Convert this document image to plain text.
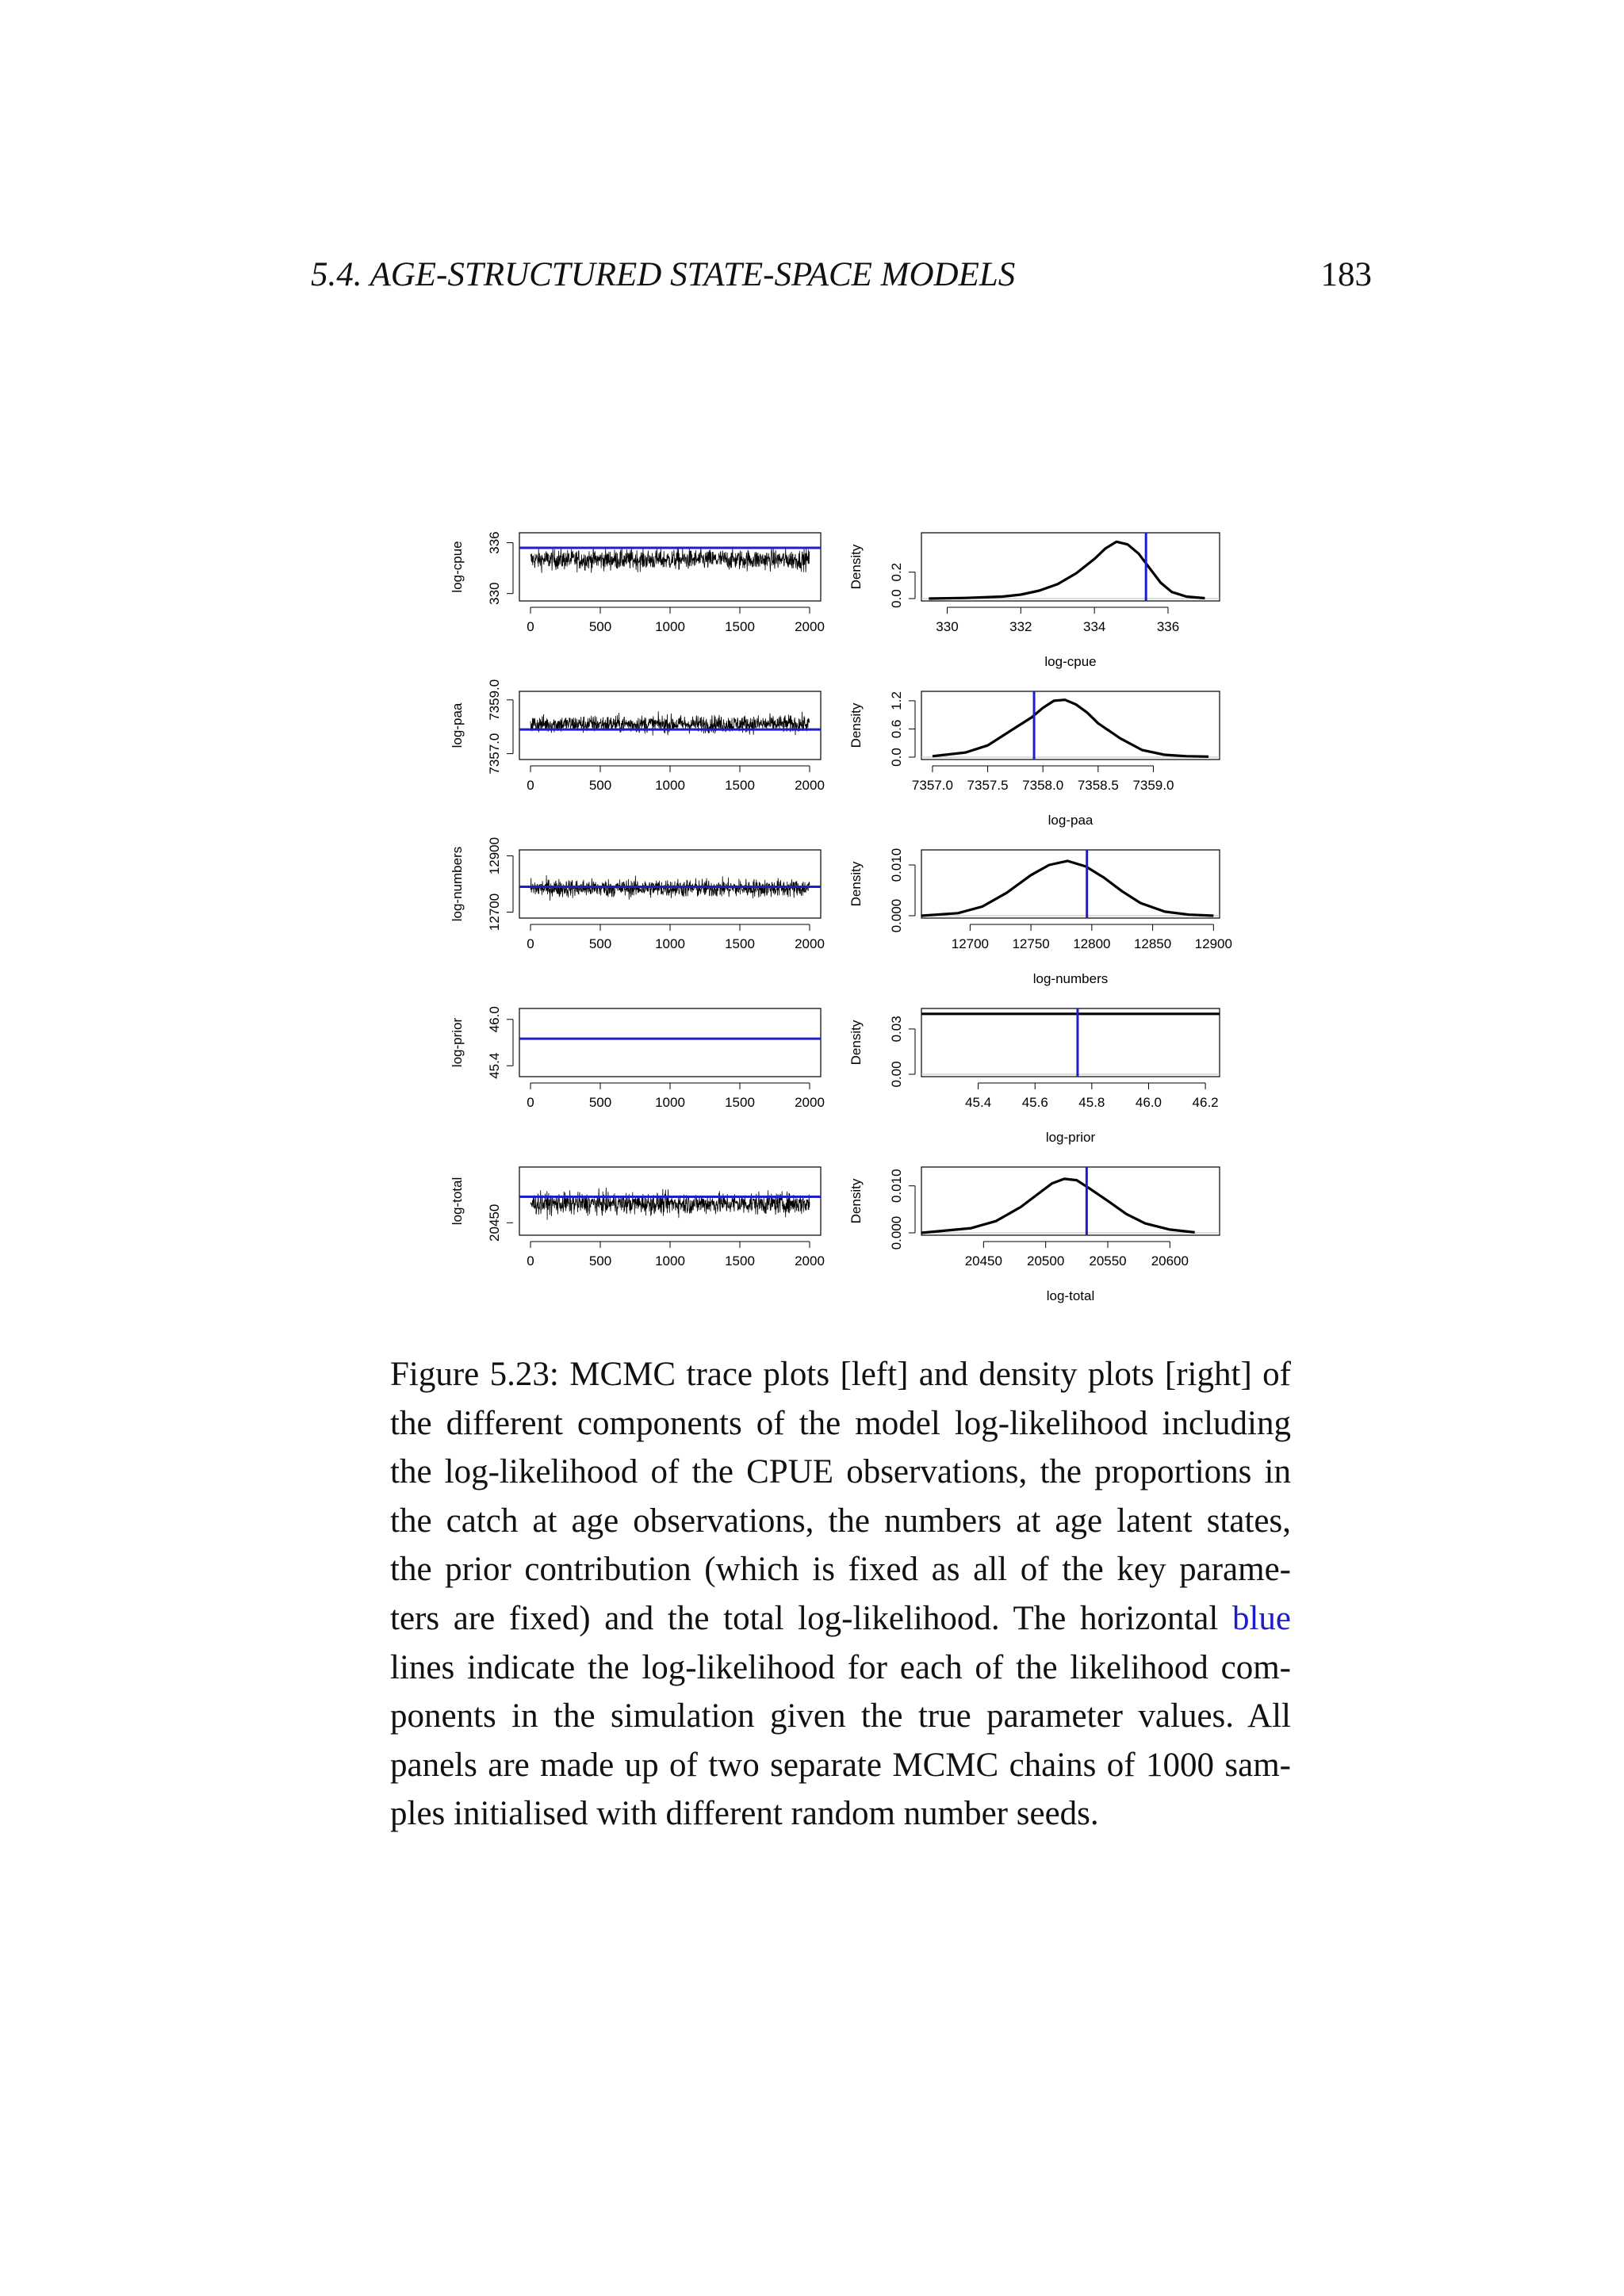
5.4. AGE-STRUCTURED STATE-SPACE MODELS	183
0	500	1000	1500	2000
330
336
log-cpue
330	332	334	336
log-cpue
0.0
0.2
Density
0	500	1000	1500	2000
7357.0
7359.0
log-paa
7357.0 7357.5 7358.0 7358.5 7359.0
log-paa
0.0
0.6
1.2
Density
0	500	1000	1500	2000
12700
12900
log-numbers
12700 12750 12800 12850 12900
log-numbers
0.000
0.010
Density
0	500	1000	1500	2000
45.4
46.0
log-prior
45.4 45.6 45.8 46.0 46.2
log-prior
0.00
0.03
Density
0	500	1000	1500	2000
20450
log-total
20450 20500 20550 20600
log-total
0.000
0.010
Density

Figure 5.23: MCMC trace plots [left] and density plots [right] of
the different components of the model log-likelihood including
the log-likelihood of the CPUE observations, the proportions in
the catch at age observations, the numbers at age latent states,
the prior contribution (which is fixed as all of the key parame-
ters are fixed) and the total log-likelihood. The horizontal blue
lines indicate the log-likelihood for each of the likelihood com-
ponents in the simulation given the true parameter values. All
panels are made up of two separate MCMC chains of 1000 sam-
ples initialised with different random number seeds.
